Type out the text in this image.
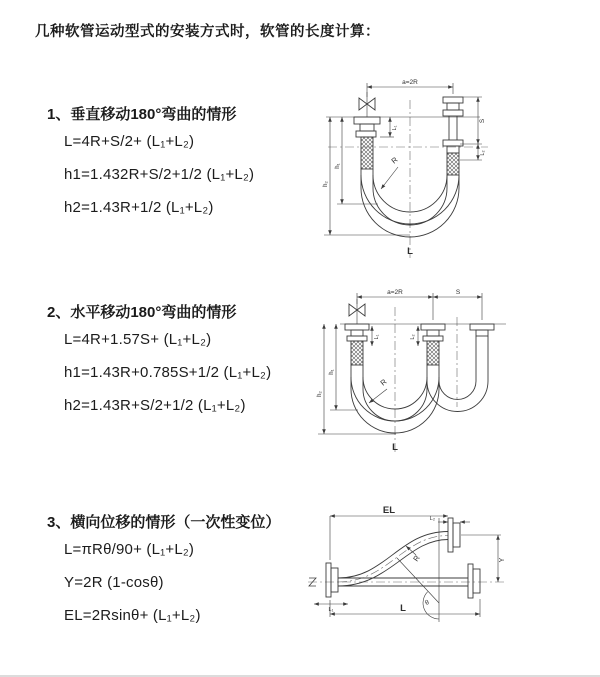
几种软管运动型式的安装方式时，软管的长度计算：
1、垂直移动180°弯曲的情形
L=4R+S/2+ (L₁+L₂)
h1=1.432R+S/2+1/2 (L₁+L₂)
h2=1.43R+1/2 (L₁+L₂)
2、水平移动180°弯曲的情形
L=4R+1.57S+ (L₁+L₂)
h1=1.43R+0.785S+1/2 (L₁+L₂)
h2=1.43R+S/2+1/2 (L₁+L₂)
3、横向位移的情形（一次性变位）
L=πRθ/90+ (L₁+L₂)
Y=2R (1-cosθ)
EL=2Rsinθ+ (L₁+L₂)
a=2R
h₁
h₂
L₁
S
L₂
R
L
a=2R	S
h₁
h₂
L₁	L₂
R
L
EL
L₂
Y
R
θ
L₁	L
